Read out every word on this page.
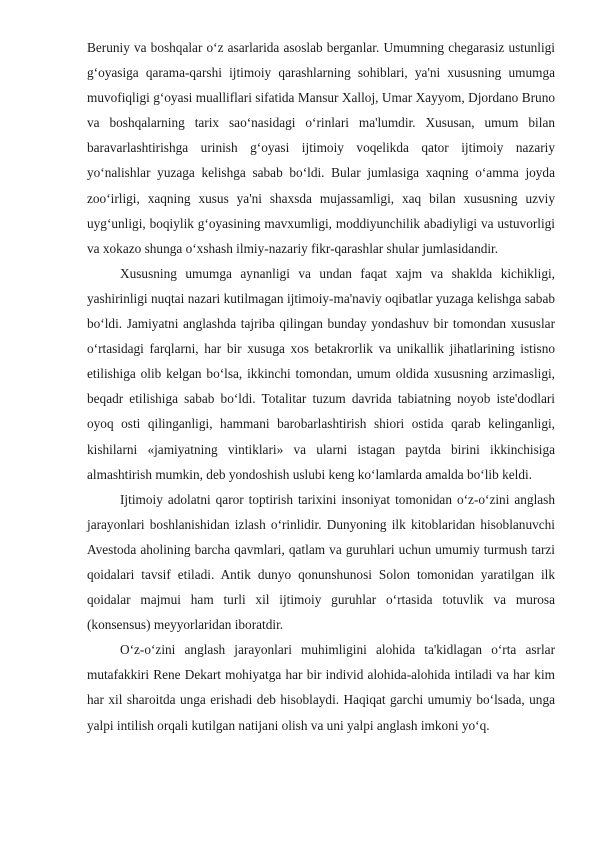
Beruniy va boshqalar o‘z asarlarida asoslab berganlar. Umumning chegarasiz ustunligi g‘oyasiga qarama-qarshi ijtimoiy qarashlarning sohiblari, ya'ni xususning umumga muvofiqligi g‘oyasi mualliflari sifatida Mansur Xalloj, Umar Xayyom, Djordano Bruno va boshqalarning tarix sao‘nasidagi o‘rinlari ma'lumdir. Xususan, umum bilan baravarlashtirishga urinish g‘oyasi ijtimoiy voqelikda qator ijtimoiy nazariy yo‘nalishlar yuzaga kelishga sabab bo‘ldi. Bular jumlasiga xaqning o‘amma joyda zoo‘irligi, xaqning xusus ya'ni shaxsda mujassamligi, xaq bilan xususning uzviy uyg‘unligi, boqiylik g‘oyasining mavxumligi, moddiyunchilik abadiyligi va ustuvorligi va xokazo shunga o‘xshash ilmiy-nazariy fikr-qarashlar shular jumlasidandir.

Xususning umumga aynanligi va undan faqat xajm va shaklda kichikligi, yashirinligi nuqtai nazari kutilmagan ijtimoiy-ma'naviy oqibatlar yuzaga kelishga sabab bo‘ldi. Jamiyatni anglashda tajriba qilingan bunday yondashuv bir tomondan xususlar o‘rtasidagi farqlarni, har bir xusuga xos betakrorlik va unikallik jihatlarining istisno etilishiga olib kelgan bo‘lsa, ikkinchi tomondan, umum oldida xususning arzimasligi, beqadr etilishiga sabab bo‘ldi. Totalitar tuzum davrida tabiatning noyob iste'dodlari oyoq osti qilinganligi, hammani barobarlashtirish shiori ostida qarab kelinganligi, kishilarni «jamiyatning vintiklari» va ularni istagan paytda birini ikkinchisiga almashtirish mumkin, deb yondoshish uslubi keng ko‘lamlarda amalda bo‘lib keldi.

Ijtimoiy adolatni qaror toptirish tarixini insoniyat tomonidan o‘z-o‘zini anglash jarayonlari boshlanishidan izlash o‘rinlidir. Dunyoning ilk kitoblaridan hisoblanuvchi Avestoda aholining barcha qavmlari, qatlam va guruhlari uchun umumiy turmush tarzi qoidalari tavsif etiladi. Antik dunyo qonunshunosi Solon tomonidan yaratilgan ilk qoidalar majmui ham turli xil ijtimoiy guruhlar o‘rtasida totuvlik va murosa (konsensus) meyyorlaridan iboratdir.

O‘z-o‘zini anglash jarayonlari muhimligini alohida ta'kidlagan o‘rta asrlar mutafakkiri Rene Dekart mohiyatga har bir individ alohida-alohida intiladi va har kim har xil sharoitda unga erishadi deb hisoblaydi. Haqiqat garchi umumiy bo‘lsada, unga yalpi intilish orqali kutilgan natijani olish va uni yalpi anglash imkoni yo‘q.
